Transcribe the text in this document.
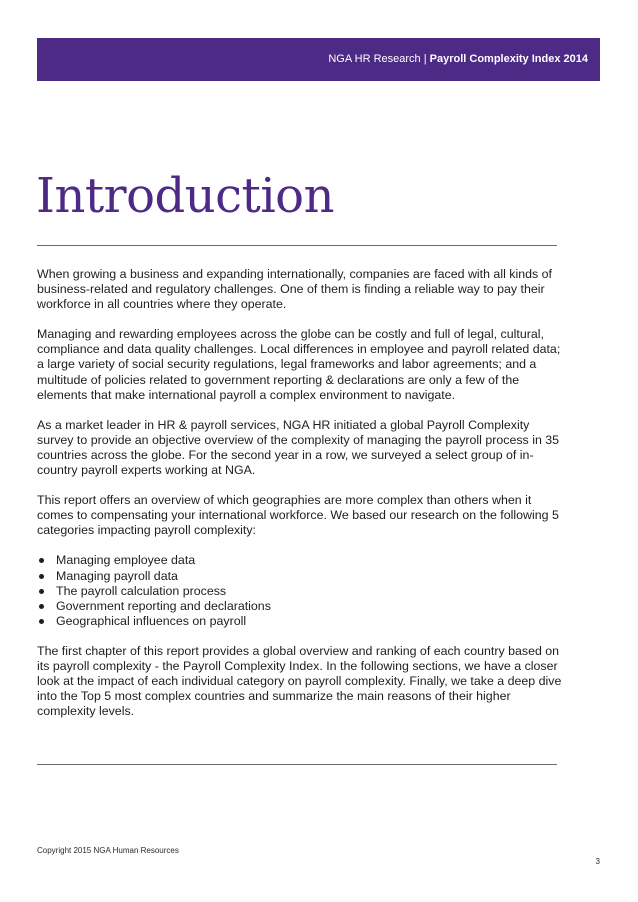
NGA HR Research | Payroll Complexity Index 2014
Introduction

When growing a business and expanding internationally, companies are faced with all kinds of business-related and regulatory challenges. One of them is finding a reliable way to pay their workforce in all countries where they operate.

Managing and rewarding employees across the globe can be costly and full of legal, cultural, compliance and data quality challenges. Local differences in employee and payroll related data; a large variety of social security regulations, legal frameworks and labor agreements; and a multitude of policies related to government reporting & declarations are only a few of the elements that make international payroll a complex environment to navigate.

As a market leader in HR & payroll services, NGA HR initiated a global Payroll Complexity survey to provide an objective overview of the complexity of managing the payroll process in 35 countries across the globe. For the second year in a row, we surveyed a select group of in-country payroll experts working at NGA.

This report offers an overview of which geographies are more complex than others when it comes to compensating your international workforce. We based our research on the following 5 categories impacting payroll complexity:

Managing employee data
Managing payroll data
The payroll calculation process
Government reporting and declarations
Geographical influences on payroll

The first chapter of this report provides a global overview and ranking of each country based on its payroll complexity - the Payroll Complexity Index. In the following sections, we have a closer look at the impact of each individual category on payroll complexity. Finally, we take a deep dive into the Top 5 most complex countries and summarize the main reasons of their higher complexity levels.

Copyright 2015 NGA Human Resources
3
